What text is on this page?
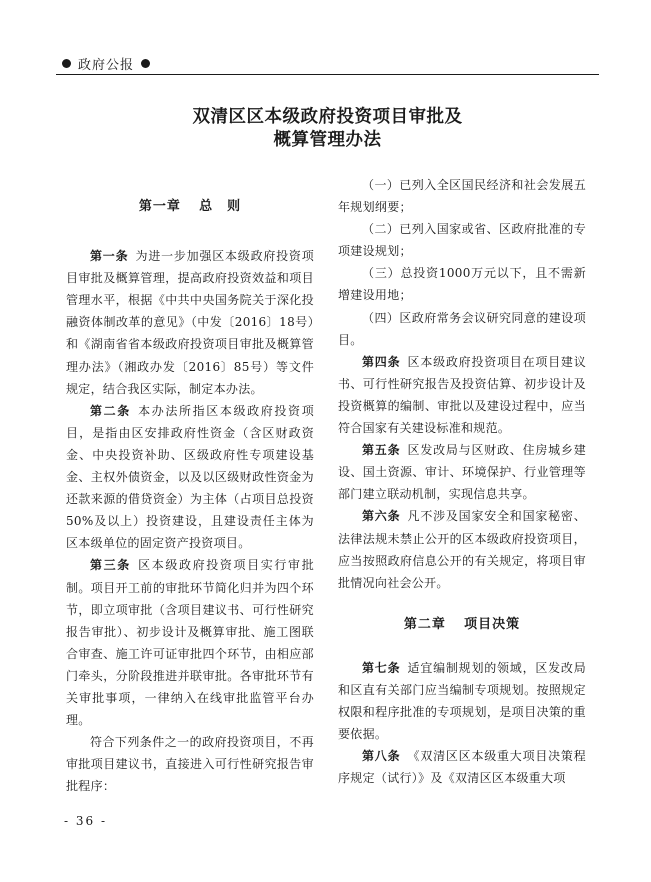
政府公报
双清区区本级政府投资项目审批及
概算管理办法
第一章 总　则

第一条 为进一步加强区本级政府投资项目审批及概算管理，提高政府投资效益和项目管理水平，根据《中共中央国务院关于深化投融资体制改革的意见》（中发〔2016〕18号）和《湖南省省本级政府投资项目审批及概算管理办法》（湘政办发〔2016〕85号）等文件规定，结合我区实际，制定本办法。

第二条 本办法所指区本级政府投资项目，是指由区安排政府性资金（含区财政资金、中央投资补助、区级政府性专项建设基金、主权外债资金，以及以区级财政性资金为还款来源的借贷资金）为主体（占项目总投资50%及以上）投资建设，且建设责任主体为区本级单位的固定资产投资项目。

第三条 区本级政府投资项目实行审批制。项目开工前的审批环节简化归并为四个环节，即立项审批（含项目建议书、可行性研究报告审批）、初步设计及概算审批、施工图联合审查、施工许可证审批四个环节，由相应部门牵头，分阶段推进并联审批。各审批环节有关审批事项，一律纳入在线审批监管平台办理。

符合下列条件之一的政府投资项目，不再审批项目建议书，直接进入可行性研究报告审批程序：

（一）已列入全区国民经济和社会发展五年规划纲要；

（二）已列入国家或省、区政府批准的专项建设规划；

（三）总投资1000万元以下，且不需新增建设用地；

（四）区政府常务会议研究同意的建设项目。

第四条 区本级政府投资项目在项目建议书、可行性研究报告及投资估算、初步设计及投资概算的编制、审批以及建设过程中，应当符合国家有关建设标准和规范。

第五条 区发改局与区财政、住房城乡建设、国土资源、审计、环境保护、行业管理等部门建立联动机制，实现信息共享。

第六条 凡不涉及国家安全和国家秘密、法律法规未禁止公开的区本级政府投资项目，应当按照政府信息公开的有关规定，将项目审批情况向社会公开。

第二章 项目决策

第七条 适宜编制规划的领域，区发改局和区直有关部门应当编制专项规划。按照规定权限和程序批准的专项规划，是项目决策的重要依据。

第八条 《双清区区本级重大项目决策程序规定（试行）》及《双清区区本级重大项

- 36 -
